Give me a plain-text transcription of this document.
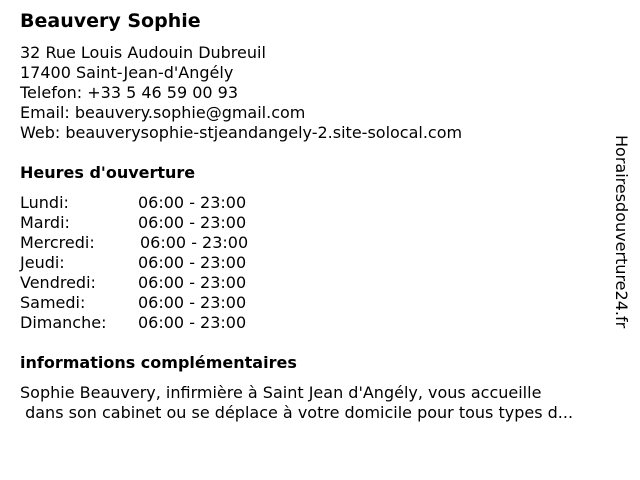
Beauvery Sophie
32 Rue Louis Audouin Dubreuil
17400 Saint-Jean-d'Angély
Telefon: +33 5 46 59 00 93
Email: beauvery.sophie@gmail.com
Web: beauverysophie-stjeandangely-2.site-solocal.com
Heures d'ouverture
Lundi:	06:00 - 23:00
Mardi:	06:00 - 23:00
Mercredi:	06:00 - 23:00
Jeudi:	06:00 - 23:00
Vendredi:	06:00 - 23:00
Samedi:	06:00 - 23:00
Dimanche: 06:00 - 23:00
informations complémentaires
Sophie Beauvery, infirmière à Saint Jean d'Angély, vous accueille
dans son cabinet ou se déplace à votre domicile pour tous types d...
Horairesdouverture24.fr
